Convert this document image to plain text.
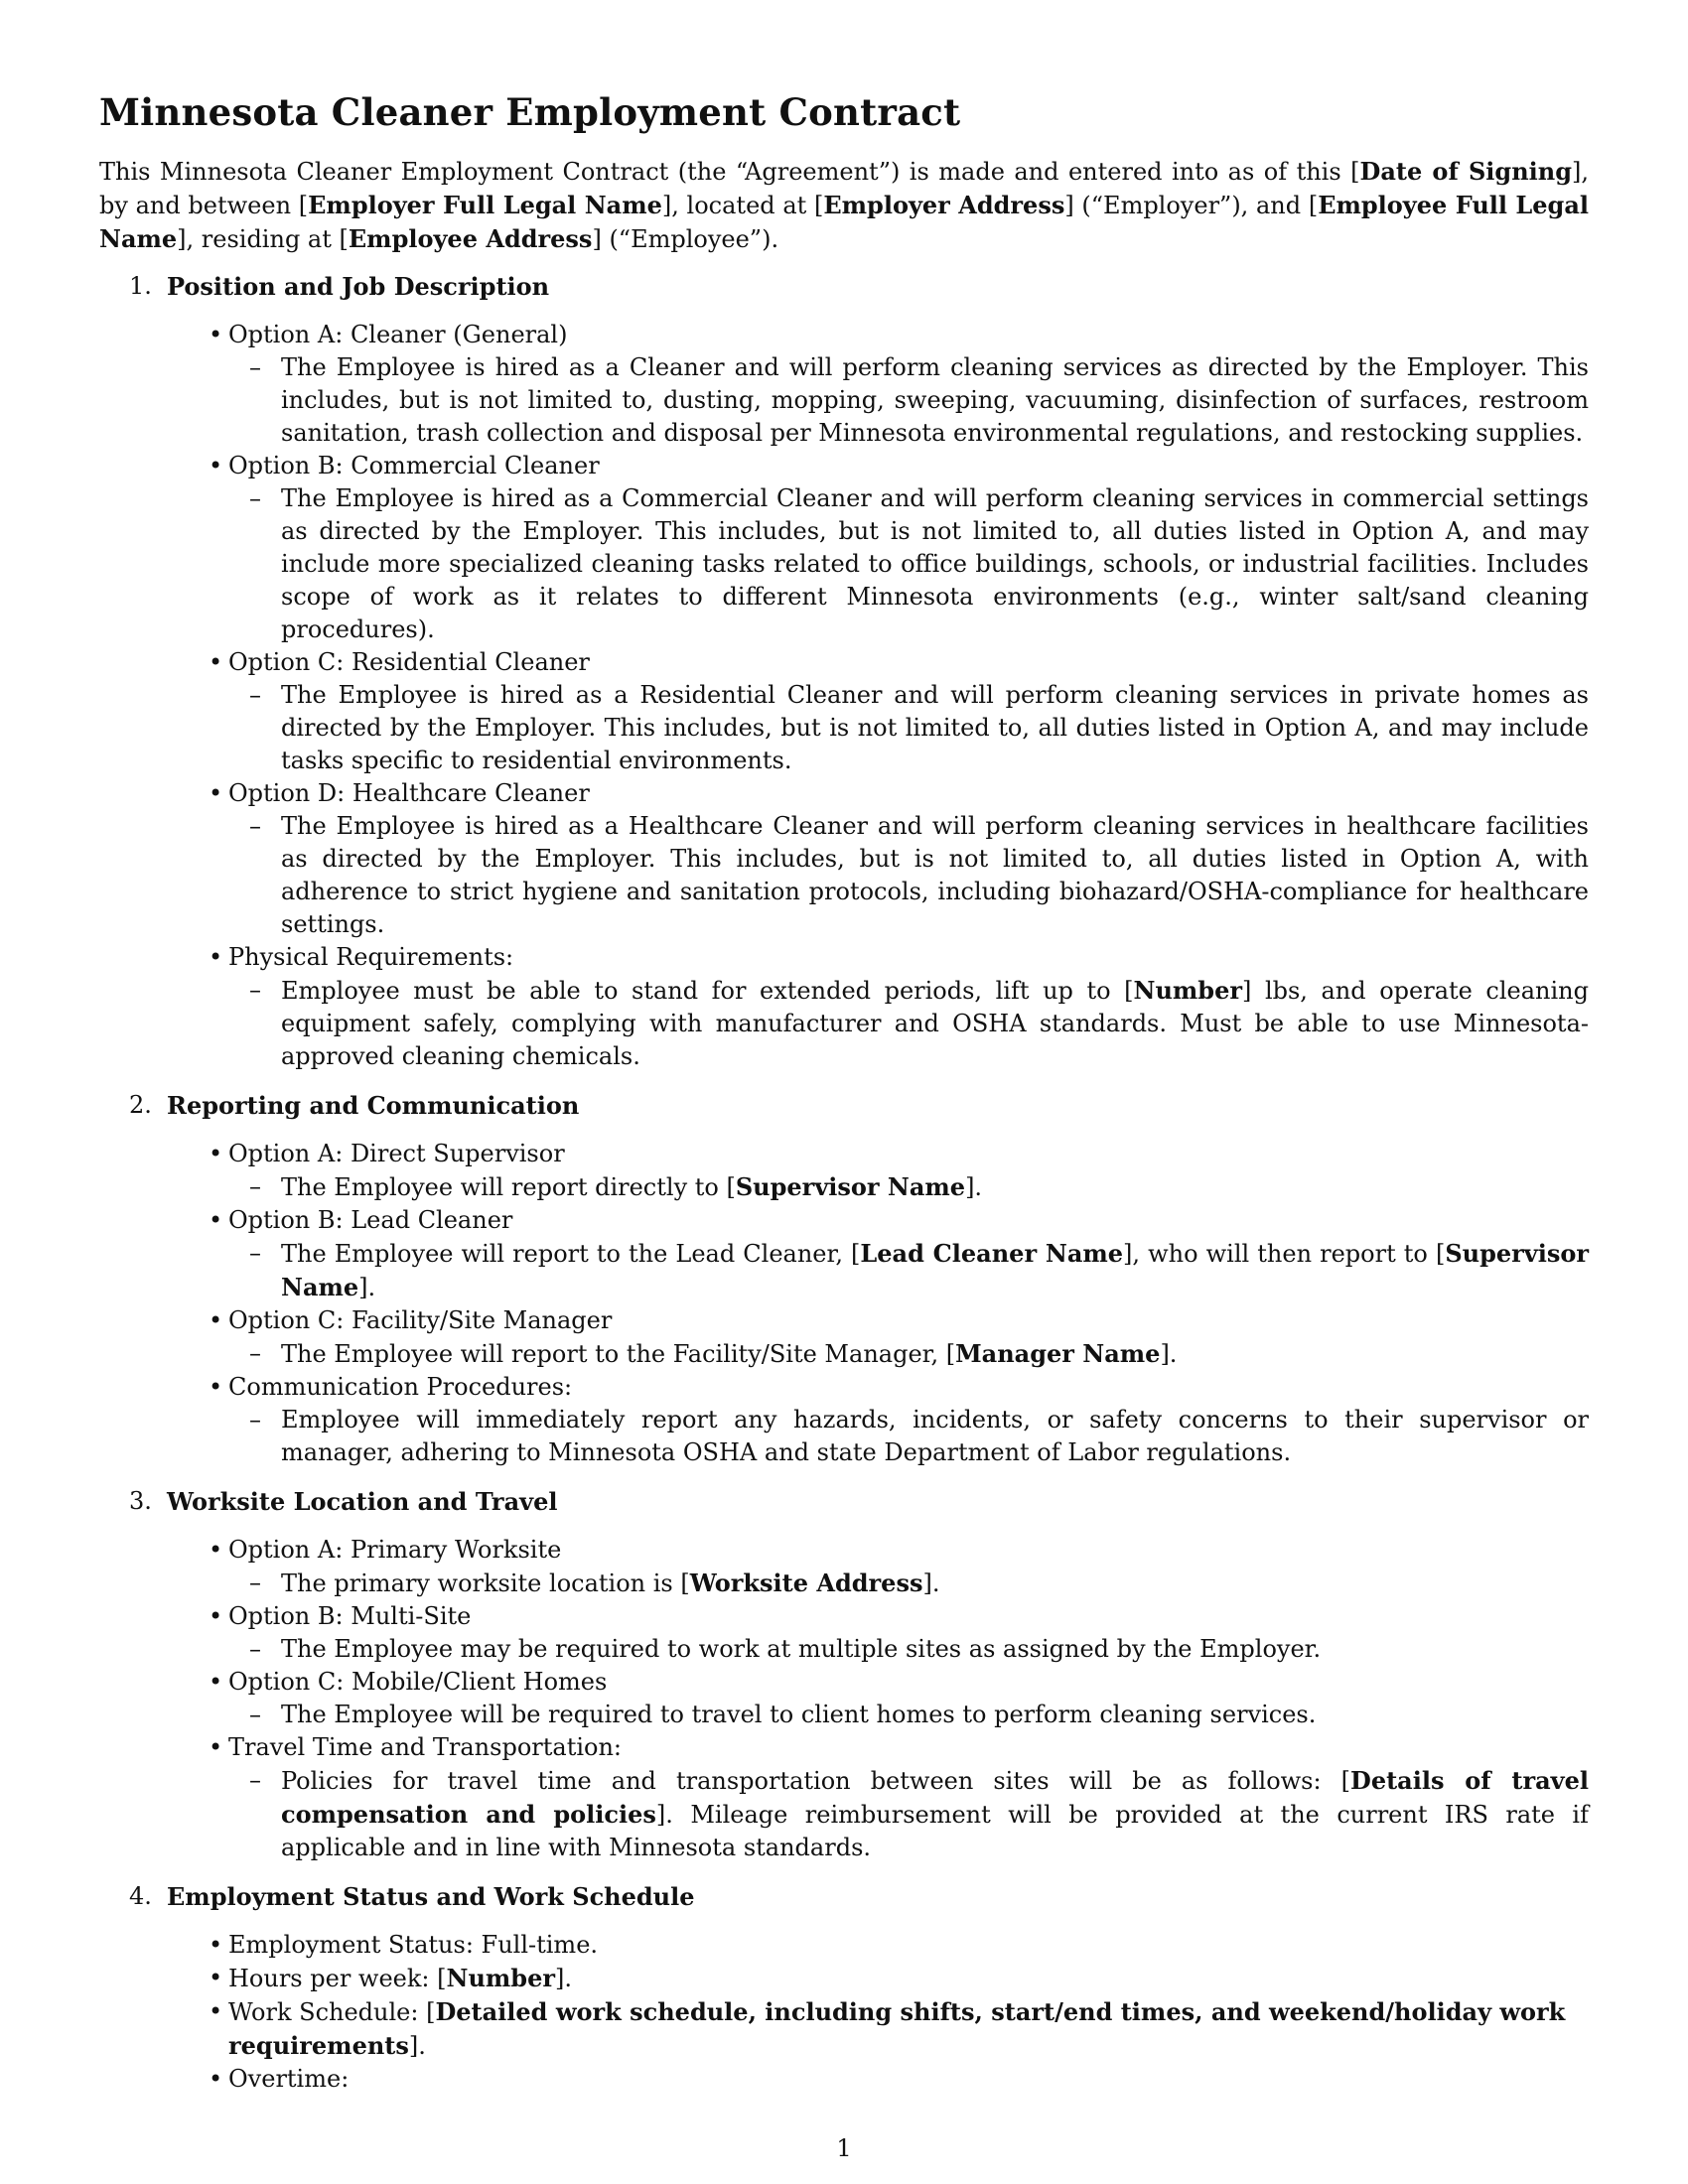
Minnesota Cleaner Employment Contract

This Minnesota Cleaner Employment Contract (the “Agreement”) is made and entered into as of this [Date of Signing], by and between [Employer Full Legal Name], located at [Employer Address] (“Employer”), and [Employee Full Legal Name], residing at [Employee Address] (“Employee”).

1. Position and Job Description
• Option A: Cleaner (General)
– The Employee is hired as a Cleaner and will perform cleaning services as directed by the Employer. This includes, but is not limited to, dusting, mopping, sweeping, vacuuming, disinfection of surfaces, restroom sanitation, trash collection and disposal per Minnesota environmental regulations, and restocking supplies.
• Option B: Commercial Cleaner
– The Employee is hired as a Commercial Cleaner and will perform cleaning services in commercial settings as directed by the Employer. This includes, but is not limited to, all duties listed in Option A, and may include more specialized cleaning tasks related to office buildings, schools, or industrial facilities. Includes scope of work as it relates to different Minnesota environments (e.g., winter salt/sand cleaning procedures).
• Option C: Residential Cleaner
– The Employee is hired as a Residential Cleaner and will perform cleaning services in private homes as directed by the Employer. This includes, but is not limited to, all duties listed in Option A, and may include tasks specific to residential environments.
• Option D: Healthcare Cleaner
– The Employee is hired as a Healthcare Cleaner and will perform cleaning services in healthcare facilities as directed by the Employer. This includes, but is not limited to, all duties listed in Option A, with adherence to strict hygiene and sanitation protocols, including biohazard/OSHA-compliance for healthcare settings.
• Physical Requirements:
– Employee must be able to stand for extended periods, lift up to [Number] lbs, and operate cleaning equipment safely, complying with manufacturer and OSHA standards. Must be able to use Minnesota-approved cleaning chemicals.
2. Reporting and Communication
• Option A: Direct Supervisor
– The Employee will report directly to [Supervisor Name].
• Option B: Lead Cleaner
– The Employee will report to the Lead Cleaner, [Lead Cleaner Name], who will then report to [Supervisor Name].
• Option C: Facility/Site Manager
– The Employee will report to the Facility/Site Manager, [Manager Name].
• Communication Procedures:
– Employee will immediately report any hazards, incidents, or safety concerns to their supervisor or manager, adhering to Minnesota OSHA and state Department of Labor regulations.
3. Worksite Location and Travel
• Option A: Primary Worksite
– The primary worksite location is [Worksite Address].
• Option B: Multi-Site
– The Employee may be required to work at multiple sites as assigned by the Employer.
• Option C: Mobile/Client Homes
– The Employee will be required to travel to client homes to perform cleaning services.
• Travel Time and Transportation:
– Policies for travel time and transportation between sites will be as follows: [Details of travel compensation and policies]. Mileage reimbursement will be provided at the current IRS rate if applicable and in line with Minnesota standards.
4. Employment Status and Work Schedule
• Employment Status: Full-time.
• Hours per week: [Number].
• Work Schedule: [Detailed work schedule, including shifts, start/end times, and weekend/holiday work requirements].
• Overtime:
1
